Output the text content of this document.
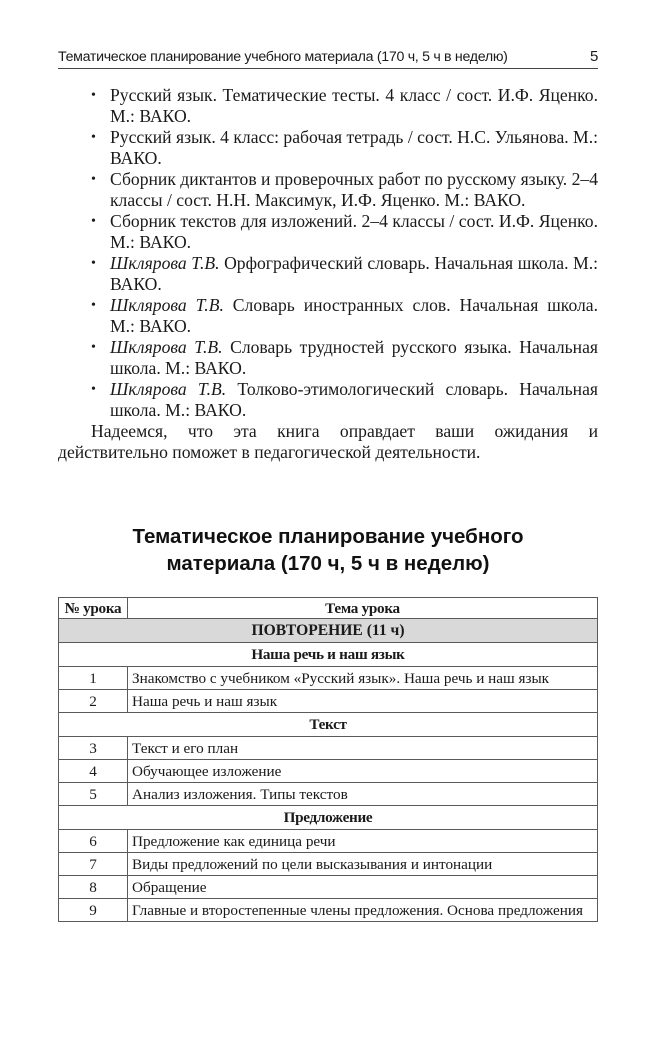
Тематическое планирование учебного материала (170 ч, 5 ч в неделю)	5
• Русский язык. Тематические тесты. 4 класс / сост. И.Ф. Яценко. М.: ВАКО.
• Русский язык. 4 класс: рабочая тетрадь / сост. Н.С. Ульянова. М.: ВАКО.
• Сборник диктантов и проверочных работ по русскому языку. 2–4 классы / сост. Н.Н. Максимук, И.Ф. Яценко. М.: ВАКО.
• Сборник текстов для изложений. 2–4 классы / сост. И.Ф. Яценко. М.: ВАКО.
• Шклярова Т.В. Орфографический словарь. Начальная школа. М.: ВАКО.
• Шклярова Т.В. Словарь иностранных слов. Начальная школа. М.: ВАКО.
• Шклярова Т.В. Словарь трудностей русского языка. Начальная школа. М.: ВАКО.
• Шклярова Т.В. Толково-этимологический словарь. Начальная школа. М.: ВАКО.

Надеемся, что эта книга оправдает ваши ожидания и действительно поможет в педагогической деятельности.

Тематическое планирование учебного
материала (170 ч, 5 ч в неделю)
№ урока	Тема урока
ПОВТОРЕНИЕ (11 ч)	
Наша речь и наш язык	
1	Знакомство с учебником «Русский язык». Наша речь и наш язык
2	Наша речь и наш язык
Текст	
3	Текст и его план
4	Обучающее изложение
5	Анализ изложения. Типы текстов
Предложение	
6	Предложение как единица речи
7	Виды предложений по цели высказывания и интонации
8	Обращение
9	Главные и второстепенные члены предложения. Основа предложения
